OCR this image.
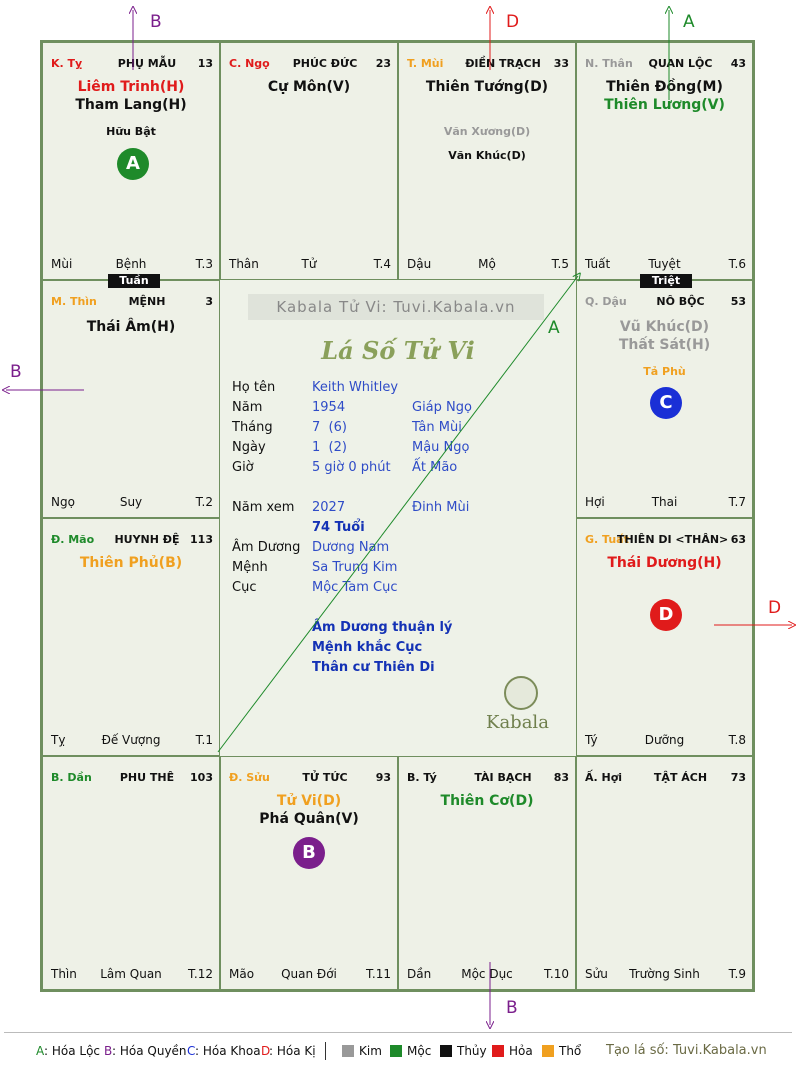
K. Tỵ	PHỤ MẪU	13
Liêm Trinh(H)
Tham Lang(H)
Hữu Bật
A
Mùi	Bệnh	T.3
C. Ngọ	PHÚC ĐỨC	23
Cự Môn(V)
Thân	Tử	T.4
T. Mùi	ĐIỀN TRẠCH	33
Thiên Tướng(D)
Văn Xương(D)
Văn Khúc(D)
Dậu	Mộ	T.5
N. Thân	QUAN LỘC	43
Thiên Đồng(M)
Thiên Lương(V)
Tuất	Tuyệt	T.6
M. Thìn	MỆNH	3
Thái Âm(H)
Ngọ	Suy	T.2
Q. Dậu	NÔ BỘC	53
Vũ Khúc(D)
Thất Sát(H)
Tả Phù
C
Hợi	Thai	T.7
Đ. Mão	HUYNH ĐỆ 113
Thiên Phủ(B)
Tỵ	Đế Vượng	T.1
G. Tuất
THIÊN DI <THÂN> 63
Thái Dương(H)
D
Tý	Dưỡng	T.8
B. Dần	PHU THÊ	103
Thìn	Lâm Quan	T.12
Đ. Sửu	TỬ TỨC	93
Tử Vi(D)
Phá Quân(V)
B
Mão	Quan Đới	T.11
B. Tý	TÀI BẠCH	83
Thiên Cơ(D)
Dần	Mộc Dục	T.10
Ấ. Hợi	TẬT ÁCH	73
Sửu	Trường Sinh	T.9
Tuần	Triệt
Kabala Tử Vi: Tuvi.Kabala.vn
Lá Số Tử Vi
Họ tên	Keith Whitley
Năm	1954	Giáp Ngọ
Tháng	7  (6)	Tân Mùi
Ngày	1  (2)	Mậu Ngọ
Giờ	5 giờ 0 phút Ất Mão
Năm xem 2027	Đinh Mùi
74 Tuổi
Âm Dương Dương Nam
Mệnh	Sa Trung Kim
Cục	Mộc Tam Cục
Âm Dương thuận lý
Mệnh khắc Cục
Thân cư Thiên Di
Kabala
B	D	A
B
D
B
A
A : Hóa Lộc B : Hóa Quyền C : Hóa Khoa D
: Hóa Kị	Kim Mộc Thủy Hỏa Thổ Tạo lá số: Tuvi.Kabala.vn
